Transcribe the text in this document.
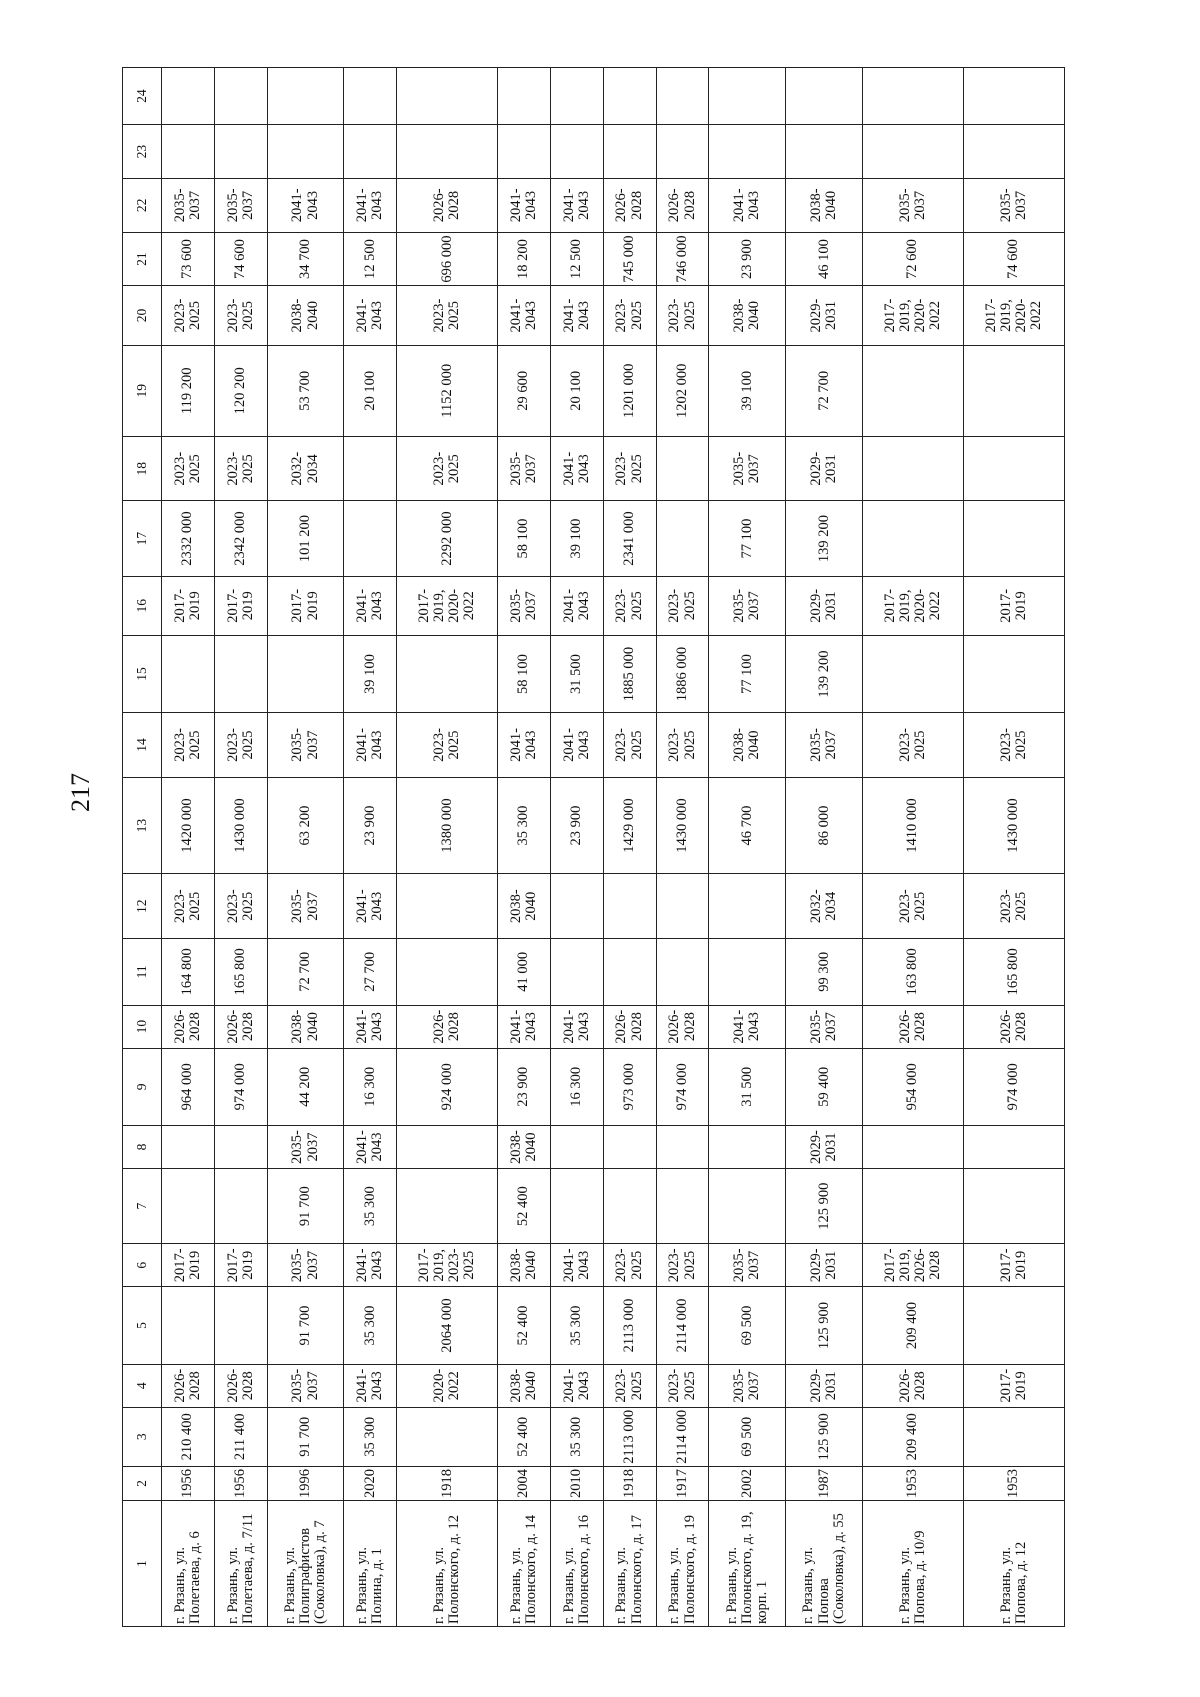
217
1	2	3	4	5	6	7	8	9	10	11	12	13	14	15	16	17	18	19	20	21	22	23	24
г. Рязань, ул. Полетаева, д. 6	1956	210 400	2026-2028		2017-2019			964 000	2026-2028	164 800	2023-2025	1420 000	2023-2025		2017-2019	2332 000	2023-2025	119 200	2023-2025	73 600	2035-2037		
г. Рязань, ул. Полетаева, д. 7/11	1956	211 400	2026-2028		2017-2019			974 000	2026-2028	165 800	2023-2025	1430 000	2023-2025		2017-2019	2342 000	2023-2025	120 200	2023-2025	74 600	2035-2037		
г. Рязань, ул. Полиграфистов (Соколовка), д. 7	1996	91 700	2035-2037	91 700	2035-2037	91 700	2035-2037	44 200	2038-2040	72 700	2035-2037	63 200	2035-2037		2017-2019	101 200	2032-2034	53 700	2038-2040	34 700	2041-2043		
г. Рязань, ул. Полина, д. 1	2020	35 300	2041-2043	35 300	2041-2043	35 300	2041-2043	16 300	2041-2043	27 700	2041-2043	23 900	2041-2043	39 100	2041-2043			20 100	2041-2043	12 500	2041-2043		
г. Рязань, ул. Полонского, д. 12	1918		2020-2022	2064 000	2017-2019, 2023-2025			924 000	2026-2028			1380 000	2023-2025		2017-2019, 2020-2022	2292 000	2023-2025	1152 000	2023-2025	696 000	2026-2028		
г. Рязань, ул. Полонского, д. 14	2004	52 400	2038-2040	52 400	2038-2040	52 400	2038-2040	23 900	2041-2043	41 000	2038-2040	35 300	2041-2043	58 100	2035-2037	58 100	2035-2037	29 600	2041-2043	18 200	2041-2043		
г. Рязань, ул. Полонского, д. 16	2010	35 300	2041-2043	35 300	2041-2043			16 300	2041-2043			23 900	2041-2043	31 500	2041-2043	39 100	2041-2043	20 100	2041-2043	12 500	2041-2043		
г. Рязань, ул. Полонского, д. 17	1918	2113 000	2023-2025	2113 000	2023-2025			973 000	2026-2028			1429 000	2023-2025	1885 000	2023-2025	2341 000	2023-2025	1201 000	2023-2025	745 000	2026-2028		
г. Рязань, ул. Полонского, д. 19	1917	2114 000	2023-2025	2114 000	2023-2025			974 000	2026-2028			1430 000	2023-2025	1886 000	2023-2025			1202 000	2023-2025	746 000	2026-2028		
г. Рязань, ул. Полонского, д. 19, корп. 1	2002	69 500	2035-2037	69 500	2035-2037			31 500	2041-2043			46 700	2038-2040	77 100	2035-2037	77 100	2035-2037	39 100	2038-2040	23 900	2041-2043		
г. Рязань, ул. Попова (Соколовка), д. 55	1987	125 900	2029-2031	125 900	2029-2031	125 900	2029-2031	59 400	2035-2037	99 300	2032-2034	86 000	2035-2037	139 200	2029-2031	139 200	2029-2031	72 700	2029-2031	46 100	2038-2040		
г. Рязань, ул. Попова, д. 10/9	1953	209 400	2026-2028	209 400	2017-2019, 2026-2028			954 000	2026-2028	163 800	2023-2025	1410 000	2023-2025		2017-2019, 2020-2022				2017-2019, 2020-2022	72 600	2035-2037		
г. Рязань, ул. Попова, д. 12	1953		2017-2019		2017-2019			974 000	2026-2028	165 800	2023-2025	1430 000	2023-2025		2017-2019				2017-2019, 2020-2022	74 600	2035-2037		
